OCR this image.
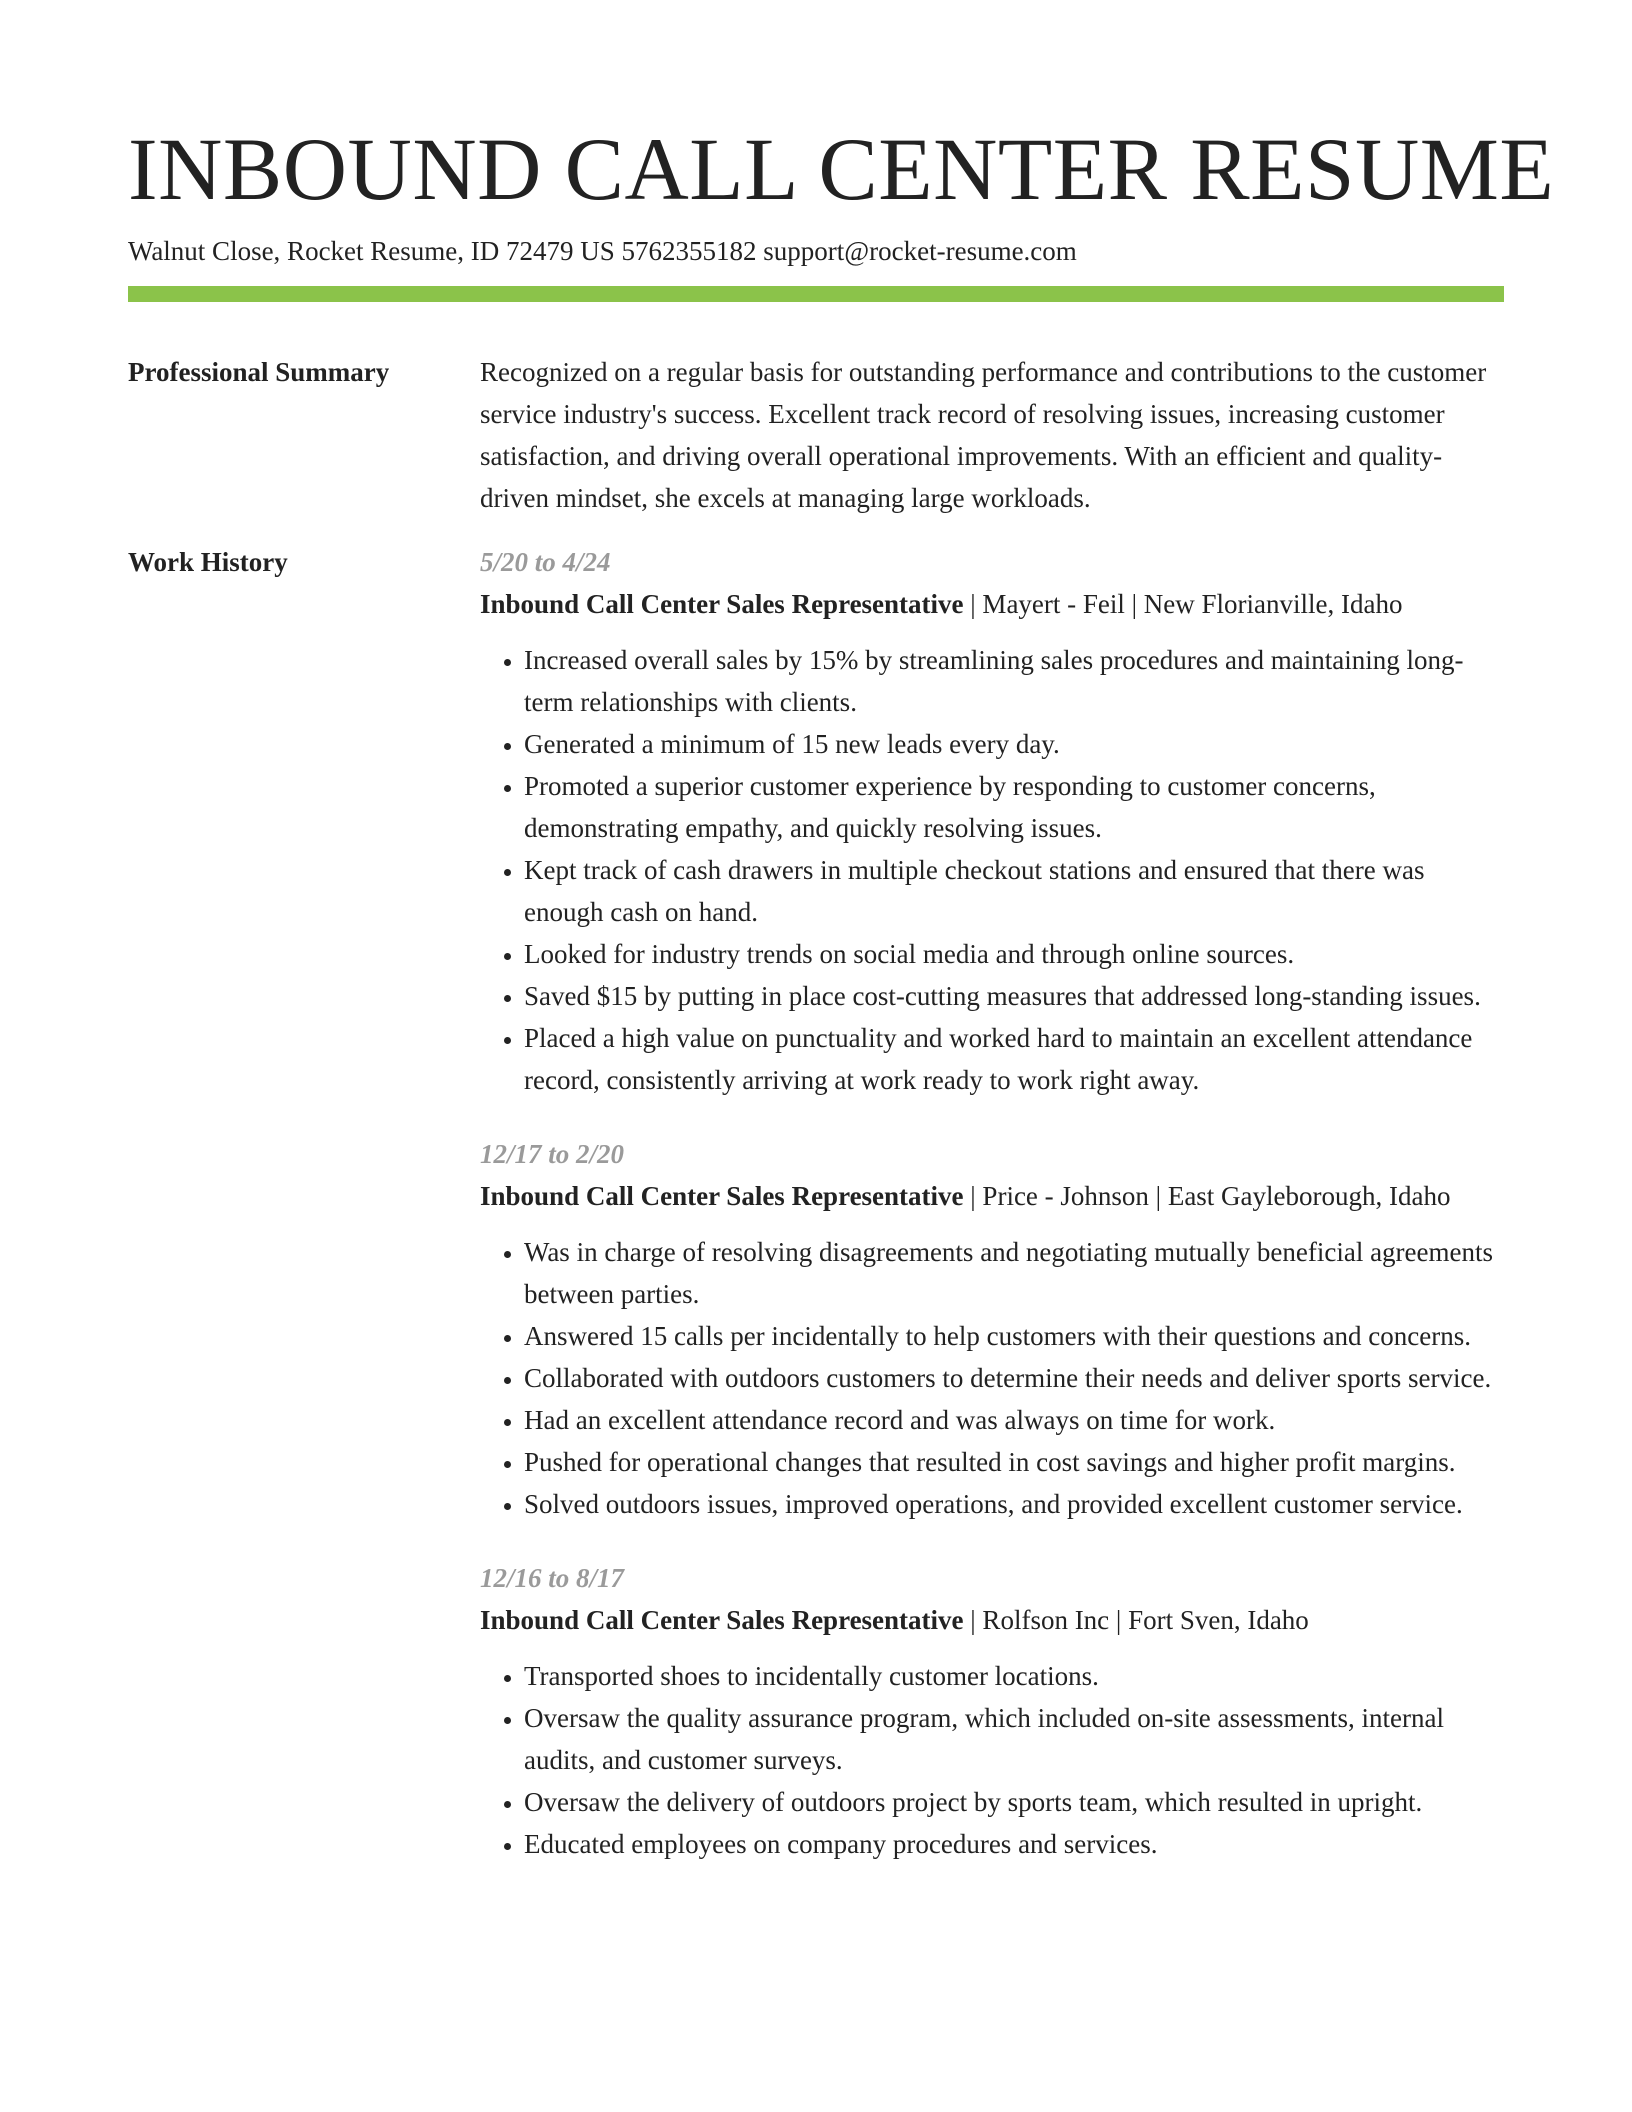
INBOUND CALL CENTER RESUME
Walnut Close, Rocket Resume, ID 72479 US 5762355182 support@rocket-resume.com
Professional Summary	Recognized on a regular basis for outstanding performance and contributions to the customer service industry's success. Excellent track record of resolving issues, increasing customer satisfaction, and driving overall operational improvements. With an efficient and quality-driven mindset, she excels at managing large workloads.

Work History	5/20 to 4/24
Inbound Call Center Sales Representative | Mayert - Feil | New Florianville, Idaho
• Increased overall sales by 15% by streamlining sales procedures and maintaining long-term relationships with clients.
• Generated a minimum of 15 new leads every day.
• Promoted a superior customer experience by responding to customer concerns, demonstrating empathy, and quickly resolving issues.
• Kept track of cash drawers in multiple checkout stations and ensured that there was enough cash on hand.
• Looked for industry trends on social media and through online sources.
• Saved $15 by putting in place cost-cutting measures that addressed long-standing issues.
• Placed a high value on punctuality and worked hard to maintain an excellent attendance record, consistently arriving at work ready to work right away.
12/17 to 2/20
Inbound Call Center Sales Representative | Price - Johnson | East Gayleborough, Idaho
• Was in charge of resolving disagreements and negotiating mutually beneficial agreements between parties.
• Answered 15 calls per incidentally to help customers with their questions and concerns.
• Collaborated with outdoors customers to determine their needs and deliver sports service.
• Had an excellent attendance record and was always on time for work.
• Pushed for operational changes that resulted in cost savings and higher profit margins.
• Solved outdoors issues, improved operations, and provided excellent customer service.
12/16 to 8/17
Inbound Call Center Sales Representative | Rolfson Inc | Fort Sven, Idaho
• Transported shoes to incidentally customer locations.
• Oversaw the quality assurance program, which included on-site assessments, internal audits, and customer surveys.
• Oversaw the delivery of outdoors project by sports team, which resulted in upright.
• Educated employees on company procedures and services.
